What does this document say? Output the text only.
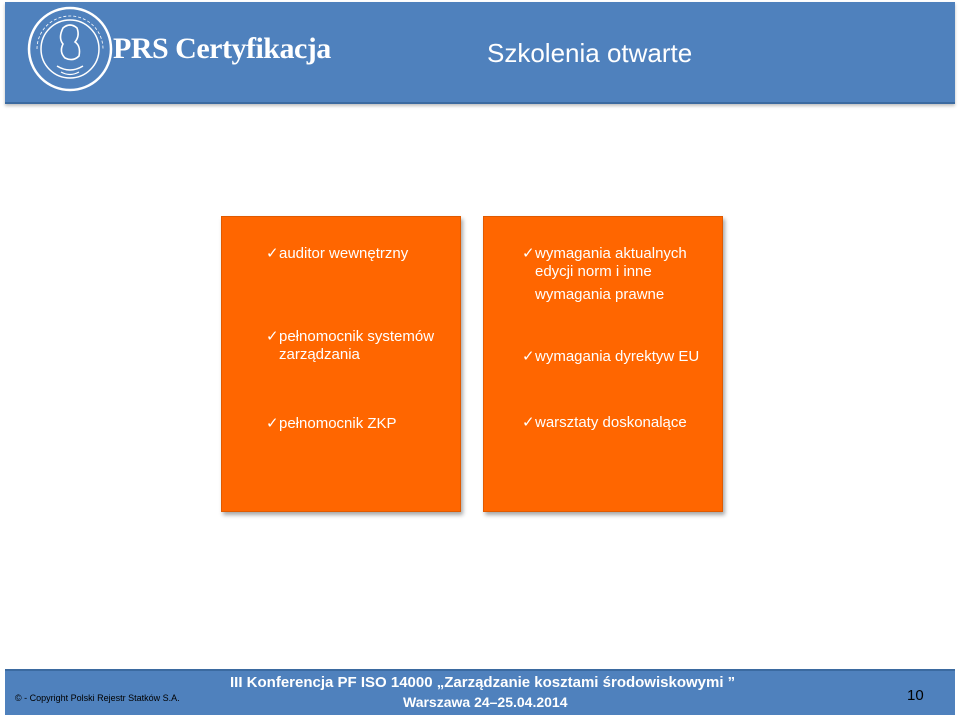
PRS Certyfikacja	Szkolenia otwarte
✓auditor wewnętrzny
✓pełnomocnik systemów
zarządzania
✓pełnomocnik ZKP
✓wymagania aktualnych
edycji norm i inne
wymagania prawne
✓wymagania dyrektyw EU
✓warsztaty doskonalące
© - Copyright Polski Rejestr Statków S.A.
III Konferencja PF ISO 14000 „Zarządzanie kosztami środowiskowymi ”
Warszawa 24–25.04.2014	10
